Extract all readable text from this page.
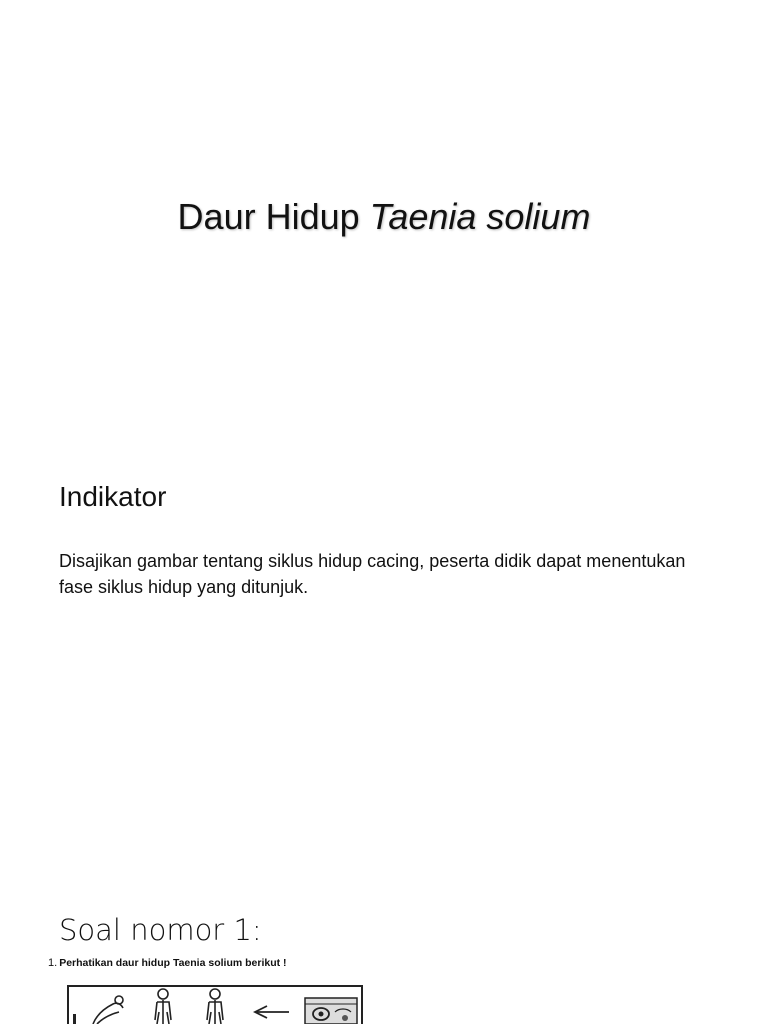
Daur Hidup Taenia solium
Indikator

Disajikan gambar tentang siklus hidup cacing, peserta didik dapat menentukan fase siklus hidup yang ditunjuk.

Soal nomor 1:

1. Perhatikan daur hidup Taenia solium berikut !
